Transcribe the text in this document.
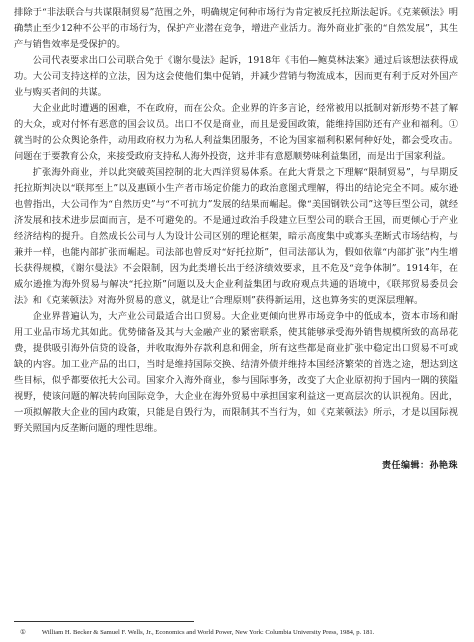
排除于“非法联合与共谋限制贸易”范围之外，明确规定何种市场行为肯定被反托拉斯法起诉。《克莱顿法》明确禁止至少12种不公平的市场行为，保护产业潜在竞争，增进产业活力。海外商业扩张的“自然发展”，其生产与销售效率是受保护的。

公司代表要求出口公司联合免于《谢尔曼法》起诉，1918年《韦伯—鲍莫林法案》通过后该想法获得成功。大公司支持这样的立法，因为这会使他们集中促销，并减少营销与物流成本，因而更有利于反对外国产业与购买者间的共谋。

大企业此时遭遇的困难，不在政府，而在公众。企业界的许多言论，经常被用以抵制对新形势不甚了解的大众，或对付怀有恶意的国会议员。出口不仅是商业，而且是爱国政策，能维持国防还有产业和福利。① 就当时的公众舆论条件，动用政府权力为私人利益集团服务，不论为国家福利积累何种好处，都会受攻击。问题在于要教育公众，来接受政府支持私人海外投资，这并非有意愿顺势味利益集团，而是出于国家利益。

扩张海外商业，并以此突破英国控制的北大西洋贸易体系。在此大背景之下理解“限制贸易”，与早期反托拉斯判决以“联邦至上”以及惠顾小生产者市场定价能力的政治意图式理解，得出的结论完全不同。威尔逊也曾指出，大公司作为“自然历史”与“不可抗力”发展的结果而崛起。像“美国钢铁公司”这等巨型公司，就经济发展和技术进步层面而言，是不可避免的。不是通过政治手段建立巨型公司的联合王国，而更倾心于产业经济结构的提升。自然成长公司与人为设计公司区别的理论框架，暗示高度集中或寡头垄断式市场结构，与兼并一样，也能内部扩张而崛起。司法部也曾反对“好托拉斯”，但司法部认为，假如依靠“内部扩张”内生增长获得规模，《谢尔曼法》不会限制，因为此类增长出于经济绩效要求，且不危及“竞争体制”。1914年，在威尔逊推为海外贸易与解决“托拉斯”问题以及大企业利益集团与政府观点共通的语境中，《联邦贸易委员会法》和《克莱顿法》对海外贸易的意义，就是让“合理原则”获得新运用，这也算务实的更深层理解。

企业界普遍认为，大产业公司最适合出口贸易。大企业更倾向世界市场竞争中的低成本，资本市场和耐用工业品市场尤其如此。优势储备及其与大金融产业的紧密联系，使其能够承受海外销售规模所致的高昂花费，提供吸引海外信贷的设备，并收取海外存款利息和佣金，所有这些都是商业扩张中稳定出口贸易不可或缺的内容。加工业产品的出口，当时是维持国际交换、结清外债并维持本国经济繁荣的首选之途，想达到这些目标，似乎都要依托大公司。国家介入海外商业，参与国际事务，改变了大企业原初拘于国内一隅的狭隘视野，使该问题的解决转向国际竞争，大企业在海外贸易中承担国家利益这一更高层次的认识视角。因此，一项拟解散大企业的国内政策，只能是自毁行为，而限制其不当行为，如《克莱顿法》所示，才是以国际视野关照国内反垄断问题的理性思维。

责任编辑：孙艳珠
① William H. Becker & Samuel F. Wells, Jr., Economics and World Power, New York: Columbia University Press, 1984, p. 181.
